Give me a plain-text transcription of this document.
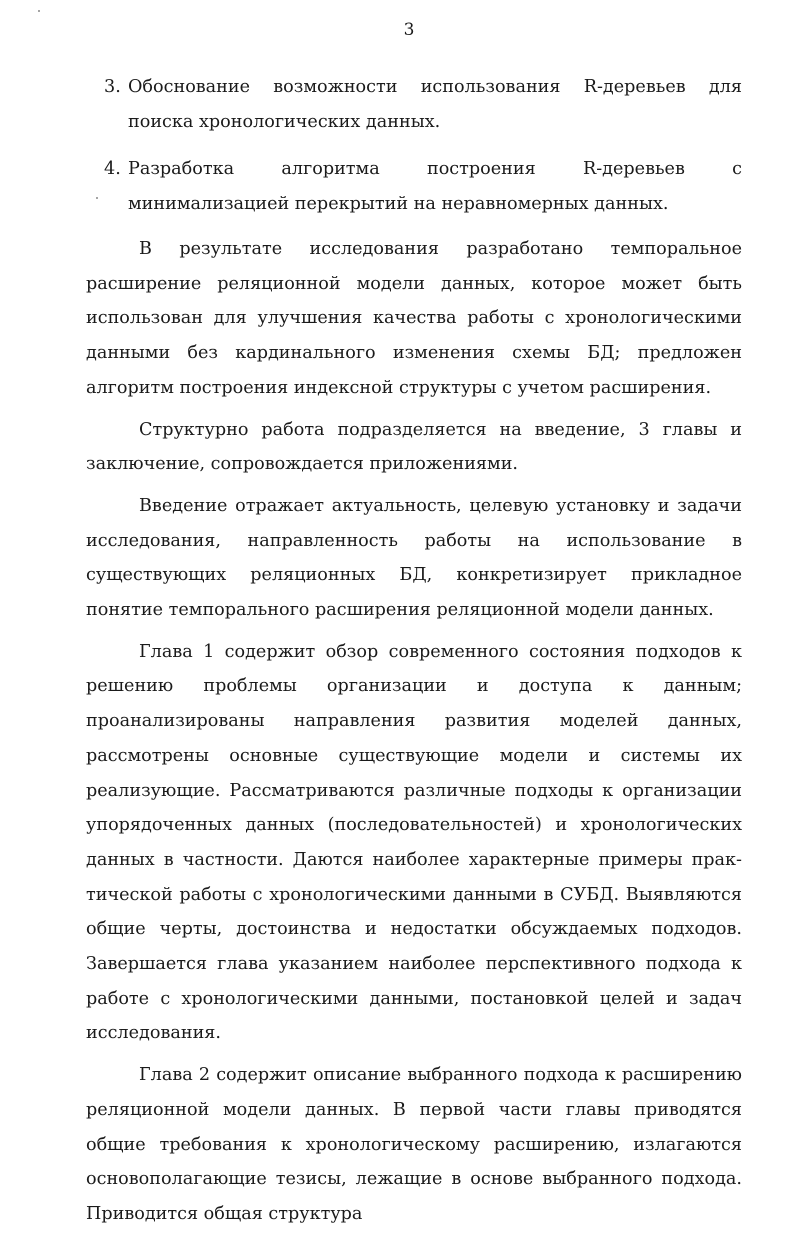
3
3. Обоснование возможности использования R-деревьев для поиска хронологических данных.
4. Разработка алгоритма построения R-деревьев с минимализацией перекрытий на неравномерных данных.

В результате исследования разработано темпоральное расширение реляционной модели данных, которое может быть использован для улучшения качества работы с хронологическими данными без кардинального изменения схемы БД; предложен алгоритм построения индексной структуры с учетом расширения.

Структурно работа подразделяется на введение, 3 главы и заключение, сопровождается приложениями.

Введение отражает актуальность, целевую установку и задачи исследования, направленность работы на использование в существующих реляционных БД, конкретизирует прикладное понятие темпорального расширения реляционной модели данных.

Глава 1 содержит обзор современного состояния подходов к решению проблемы организации и доступа к данным; проанализированы направления развития моделей данных, рассмотрены основные существующие модели и системы их реализующие. Рассматриваются различные подходы к организации упорядоченных данных (последовательностей) и хронологических данных в частности. Даются наиболее характерные примеры практической работы с хронологическими данными в СУБД. Выявляются общие черты, достоинства и недостатки обсуждаемых подходов. Завершается глава указанием наиболее перспективного подхода к работе с хронологическими данными, постановкой целей и задач исследования.

Глава 2 содержит описание выбранного подхода к расширению реляционной модели данных. В первой части главы приводятся общие требования к хронологическому расширению, излагаются основополагающие тезисы, лежащие в основе выбранного подхода. Приводится общая структура
